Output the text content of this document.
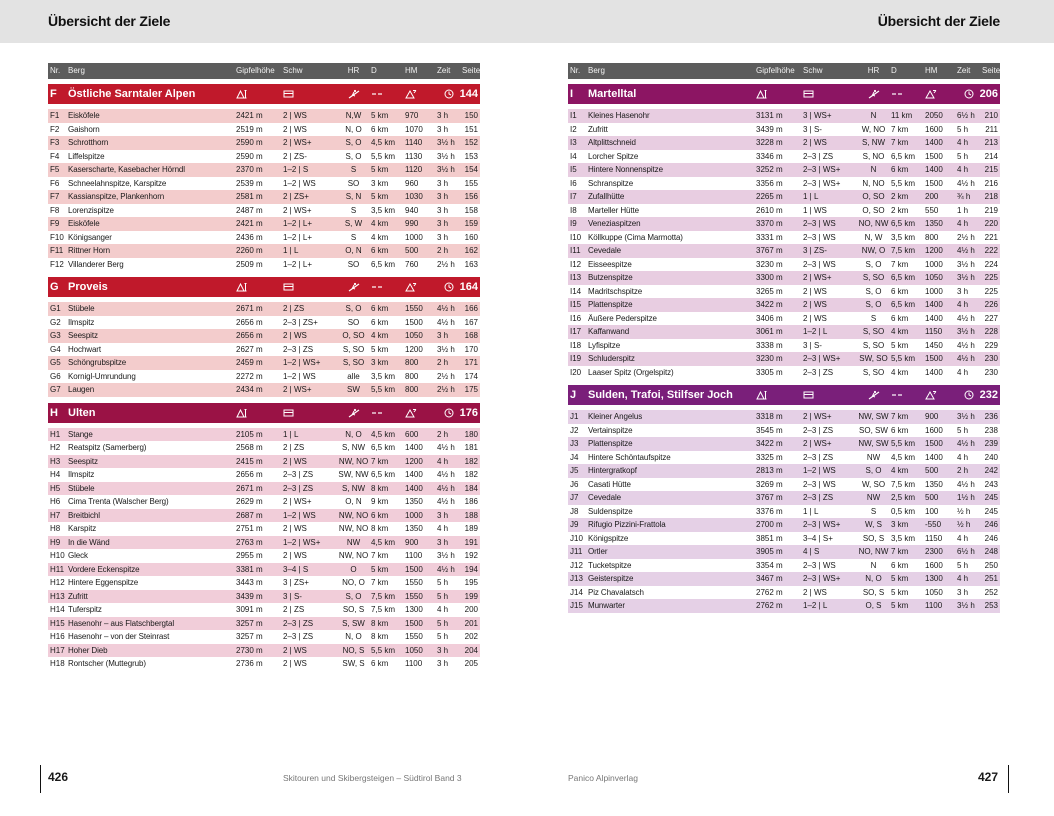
Übersicht der Ziele	Übersicht der Ziele
Nr. Berg	Gipfelhöhe	Schw	HR	D	HM	Zeit	Seite
F	Östliche Sarntaler Alpen	144
F1	Eisköfele	2421 m	2 | WS	N,W	5 km	970	3 h	150
F2	Gaishorn	2519 m	2 | WS	N, O	6 km	1070	3 h	151
F3	Schrotthorn	2590 m	2 | WS+	S, O	4,5 km	1140	3½ h	152
F4	Liffelspitze	2590 m	2 | ZS-	S, O	5,5 km	1130	3½ h	153
F5	Kaserscharte, Kasebacher Hörndl	2370 m	1–2 | S	S	5 km	1120	3½ h	154
F6	Schneelahnspitze, Karspitze	2539 m	1–2 | WS	SO	3 km	960	3 h	155
F7	Kassianspitze, Plankenhorn	2581 m	2 | ZS+	S, N	5 km	1030	3 h	156
F8	Lorenzispitze	2487 m	2 | WS+	S	3,5 km	940	3 h	158
F9	Eisköfele	2421 m	1–2 | L+	S, W	4 km	990	3 h	159
F10 Königsanger	2436 m	1–2 | L+	S	4 km	1000	3 h	160
F11 Rittner Horn	2260 m	1 | L	O, N	6 km	500	2 h	162
F12 Villanderer Berg	2509 m	1–2 | L+	SO	6,5 km	760	2½ h	163
G Proveis	164
G1 Stübele	2671 m	2 | ZS	S, O	6 km	1550	4½ h	166
G2 Ilmspitz	2656 m	2–3 | ZS+	SO	6 km	1500	4½ h	167
G3 Seespitz	2656 m	2 | WS	O, SO 4 km	1050	3 h	168
G4 Hochwart	2627 m	2–3 | ZS	S, SO 5 km	1200	3½ h	170
G5 Schöngrubspitze	2459 m	1–2 | WS+	S, SO 3 km	800	2 h	171
G6 Kornigl-Umrundung	2272 m	1–2 | WS	alle	3,5 km	800	2½ h	174
G7 Laugen	2434 m	2 | WS+	SW	5,5 km	800	2½ h	175
H Ulten	176
H1 Stange	2105 m	1 | L	N, O	4,5 km	600	2 h	180
H2 Reatspitz (Samerberg)	2568 m	2 | ZS	S, NW 6,5 km	1400	4½ h	181
H3 Seespitz	2415 m	2 | WS	NW, NO 7 km	1200	4 h	182
H4 Ilmspitz	2656 m	2–3 | ZS	SW, NW 6,5 km	1400	4½ h	182
H5 Stübele	2671 m	2–3 | ZS	S, NW 8 km	1400	4½ h	184
H6 Cima Trenta (Walscher Berg)	2629 m	2 | WS+	O, N	9 km	1350	4½ h	186
H7 Breitbichl	2687 m	1–2 | WS	NW, NO 6 km	1000	3 h	188
H8 Karspitz	2751 m	2 | WS	NW, NO 8 km	1350	4 h	189
H9 In die Wänd	2763 m	1–2 | WS+	NW	4,5 km	900	3 h	191
H10 Gleck	2955 m	2 | WS	NW, NO 7 km	1100	3½ h	192
H11 Vordere Eckenspitze	3381 m	3–4 | S	O	5 km	1500	4½ h	194
H12 Hintere Eggenspitze	3443 m	3 | ZS+	NO, O 7 km	1550	5 h	195
H13 Zufritt	3439 m	3 | S-	S, O	7,5 km	1550	5 h	199
H14 Tuferspitz	3091 m	2 | ZS	SO, S 7,5 km	1300	4 h	200
H15 Hasenohr – aus Flatschbergtal	3257 m	2–3 | ZS	S, SW 8 km	1500	5 h	201
H16 Hasenohr – von der Steinrast	3257 m	2–3 | ZS	N, O	8 km	1550	5 h	202
H17 Hoher Dieb	2730 m	2 | WS	NO, S 5,5 km	1050	3 h	204
H18 Rontscher (Muttegrub)	2736 m	2 | WS	SW, S 6 km	1100	3 h	205
Nr. Berg	Gipfelhöhe	Schw	HR	D	HM	Zeit	Seite
I	Martelltal	206
I1	Kleines Hasenohr	3131 m	3 | WS+	N	11 km	2050	6½ h	210
I2	Zufritt	3439 m	3 | S-	W, NO 7 km	1600	5 h	211
I3	Altplittschneid	3228 m	2 | WS	S, NW 7 km	1400	4 h	213
I4	Lorcher Spitze	3346 m	2–3 | ZS	S, NO 6,5 km	1500	5 h	214
I5	Hintere Nonnenspitze	3252 m	2–3 | WS+	N	6 km	1400	4 h	215
I6	Schranspitze	3356 m	2–3 | WS+	N, NO 5,5 km	1500	4½ h	216
I7	Zufallhütte	2265 m	1 | L	O, SO 2 km	200	¾ h	218
I8	Marteller Hütte	2610 m	1 | WS	O, SO 2 km	550	1 h	219
I9	Veneziaspitzen	3370 m	2–3 | WS	NO, NW 6,5 km	1350	4 h	220
I10 Köllkuppe (Cima Marmotta)	3331 m	2–3 | WS	N, W	3,5 km	800	2½ h	221
I11 Cevedale	3767 m	3 | ZS-	NW, O 7,5 km	1200	4½ h	222
I12 Eisseespitze	3230 m	2–3 | WS	S, O	7 km	1000	3½ h	224
I13 Butzenspitze	3300 m	2 | WS+	S, SO 6,5 km	1050	3½ h	225
I14 Madritschspitze	3265 m	2 | WS	S, O	6 km	1000	3 h	225
I15 Plattenspitze	3422 m	2 | WS	S, O	6,5 km	1400	4 h	226
I16 Äußere Pederspitze	3406 m	2 | WS	S	6 km	1400	4½ h	227
I17 Kaffanwand	3061 m	1–2 | L	S, SO 4 km	1150	3½ h	228
I18 Lyfispitze	3338 m	3 | S-	S, SO 5 km	1450	4½ h	229
I19 Schluderspitz	3230 m	2–3 | WS+	SW, SO 5,5 km	1500	4½ h	230
I20 Laaser Spitz (Orgelspitz)	3305 m	2–3 | ZS	S, SO 4 km	1400	4 h	230
J	Sulden, Trafoi, Stilfser Joch	232
J1	Kleiner Angelus	3318 m	2 | WS+	NW, SW 7 km	900	3½ h	236
J2	Vertainspitze	3545 m	2–3 | ZS	SO, SW 6 km	1600	5 h	238
J3	Plattenspitze	3422 m	2 | WS+	NW, SW 5,5 km	1500	4½ h	239
J4	Hintere Schöntaufspitze	3325 m	2–3 | ZS	NW	4,5 km	1400	4 h	240
J5	Hintergratkopf	2813 m	1–2 | WS	S, O	4 km	500	2 h	242
J6	Casati Hütte	3269 m	2–3 | WS	W, SO 7,5 km	1350	4½ h	243
J7	Cevedale	3767 m	2–3 | ZS	NW	2,5 km	500	1½ h	245
J8	Suldenspitze	3376 m	1 | L	S	0,5 km	100	½ h	245
J9	Rifugio Pizzini-Frattola	2700 m	2–3 | WS+	W, S	3 km	-550	½ h	246
J10 Königspitze	3851 m	3–4 | S+	SO, S 3,5 km	1150	4 h	246
J11 Ortler	3905 m	4 | S	NO, NW 7 km	2300	6½ h	248
J12 Tucketspitze	3354 m	2–3 | WS	N	6 km	1600	5 h	250
J13 Geisterspitze	3467 m	2–3 | WS+	N, O	5 km	1300	4 h	251
J14 Piz Chavalatsch	2762 m	2 | WS	SO, S 5 km	1050	3 h	252
J15 Munwarter	2762 m	1–2 | L	O, S	5 km	1100	3½ h	253
426	Skitouren und Skibergsteigen – Südtirol Band 3	Panico Alpinverlag	427
